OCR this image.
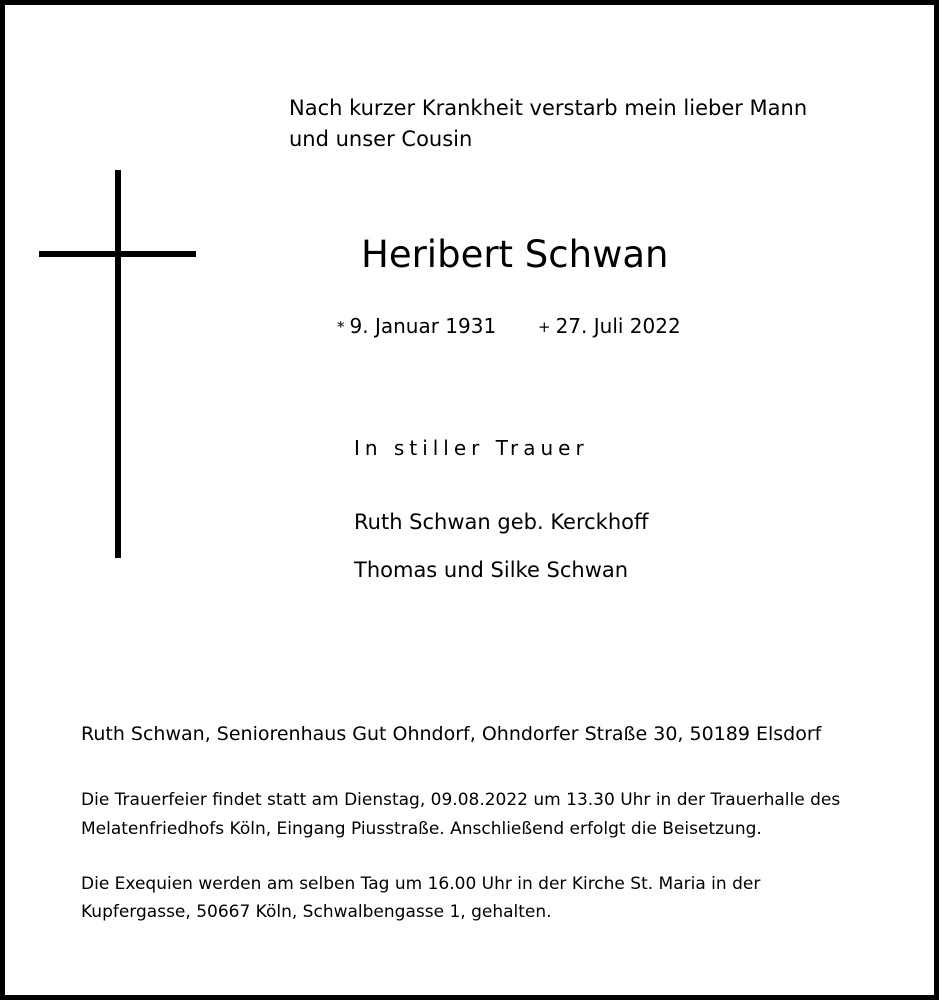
Nach kurzer Krankheit verstarb mein lieber Mann
und unser Cousin
Heribert Schwan
* 9. Januar 1931	+ 27. Juli 2022
In stiller Trauer
Ruth Schwan geb. Kerckhoff
Thomas und Silke Schwan
Ruth Schwan, Seniorenhaus Gut Ohndorf, Ohndorfer Straße 30, 50189 Elsdorf
Die Trauerfeier findet statt am Dienstag, 09.08.2022 um 13.30 Uhr in der Trauerhalle des
Melatenfriedhofs Köln, Eingang Piusstraße. Anschließend erfolgt die Beisetzung.
Die Exequien werden am selben Tag um 16.00 Uhr in der Kirche St. Maria in der
Kupfergasse, 50667 Köln, Schwalbengasse 1, gehalten.
